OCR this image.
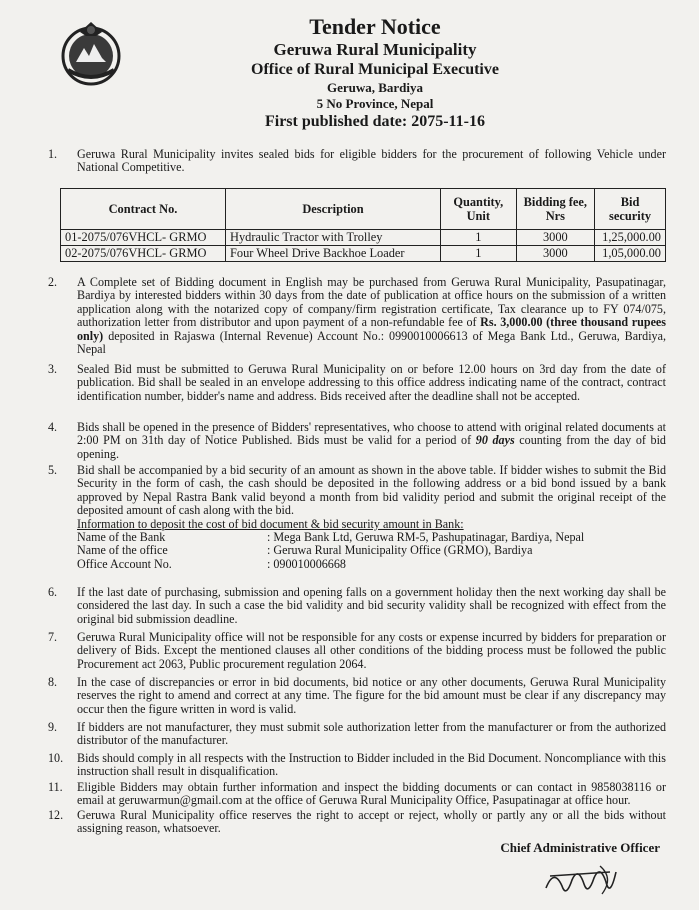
Tender Notice
Geruwa Rural Municipality
Office of Rural Municipal Executive
Geruwa, Bardiya
5 No Province, Nepal
First published date: 2075-11-16
1.	Geruwa Rural Municipality invites sealed bids for eligible bidders for the procurement of following Vehicle under National Competitive.
Contract No.	Description	Quantity, Unit	Bidding fee, Nrs	Bid security
01-2075/076VHCL- GRMO	Hydraulic Tractor with Trolley	1	3000	1,25,000.00
02-2075/076VHCL- GRMO	Four Wheel Drive Backhoe Loader	1	3000	1,05,000.00
2.	A Complete set of Bidding document in English may be purchased from Geruwa Rural Municipality, Pasupatinagar, Bardiya by interested bidders within 30 days from the date of publication at office hours on the submission of a written application along with the notarized copy of company/firm registration certificate, Tax clearance up to FY 074/075, authorization letter from distributor and upon payment of a non-refundable fee of Rs. 3,000.00 (three thousand rupees only) deposited in Rajaswa (Internal Revenue) Account No.: 0990010006613 of Mega Bank Ltd., Geruwa, Bardiya, Nepal
3.	Sealed Bid must be submitted to Geruwa Rural Municipality on or before 12.00 hours on 3rd day from the date of publication. Bid shall be sealed in an envelope addressing to this office address indicating name of the contract, contract identification number, bidder's name and address. Bids received after the deadline shall not be accepted.
4.	Bids shall be opened in the presence of Bidders' representatives, who choose to attend with original related documents at 2:00 PM on 31th day of Notice Published. Bids must be valid for a period of 90 days counting from the day of bid opening.
5.	Bid shall be accompanied by a bid security of an amount as shown in the above table. If bidder wishes to submit the Bid Security in the form of cash, the cash should be deposited in the following address or a bid bond issued by a bank approved by Nepal Rastra Bank valid beyond a month from bid validity period and submit the original receipt of the deposited amount of cash along with the bid.

Information to deposit the cost of bid document & bid security amount in Bank:

Name of the Bank	: Mega Bank Ltd, Geruwa RM-5, Pashupatinagar, Bardiya, Nepal
Name of the office	: Geruwa Rural Municipality Office (GRMO), Bardiya
Office Account No.	: 090010006668
6.	If the last date of purchasing, submission and opening falls on a government holiday then the next working day shall be considered the last day. In such a case the bid validity and bid security validity shall be recognized with effect from the original bid submission deadline.
7.	Geruwa Rural Municipality office will not be responsible for any costs or expense incurred by bidders for preparation or delivery of Bids. Except the mentioned clauses all other conditions of the bidding process must be followed the public Procurement act 2063, Public procurement regulation 2064.
8.	In the case of discrepancies or error in bid documents, bid notice or any other documents, Geruwa Rural Municipality reserves the right to amend and correct at any time. The figure for the bid amount must be clear if any discrepancy may occur then the figure written in word is valid.
9.	If bidders are not manufacturer, they must submit sole authorization letter from the manufacturer or from the authorized distributor of the manufacturer.
10.	Bids should comply in all respects with the Instruction to Bidder included in the Bid Document. Noncompliance with this instruction shall result in disqualification.
11.	Eligible Bidders may obtain further information and inspect the bidding documents or can contact in 9858038116 or email at geruwarmun@gmail.com at the office of Geruwa Rural Municipality Office, Pasupatinagar at office hour.
12.	Geruwa Rural Municipality office reserves the right to accept or reject, wholly or partly any or all the bids without assigning reason, whatsoever.
Chief Administrative Officer
